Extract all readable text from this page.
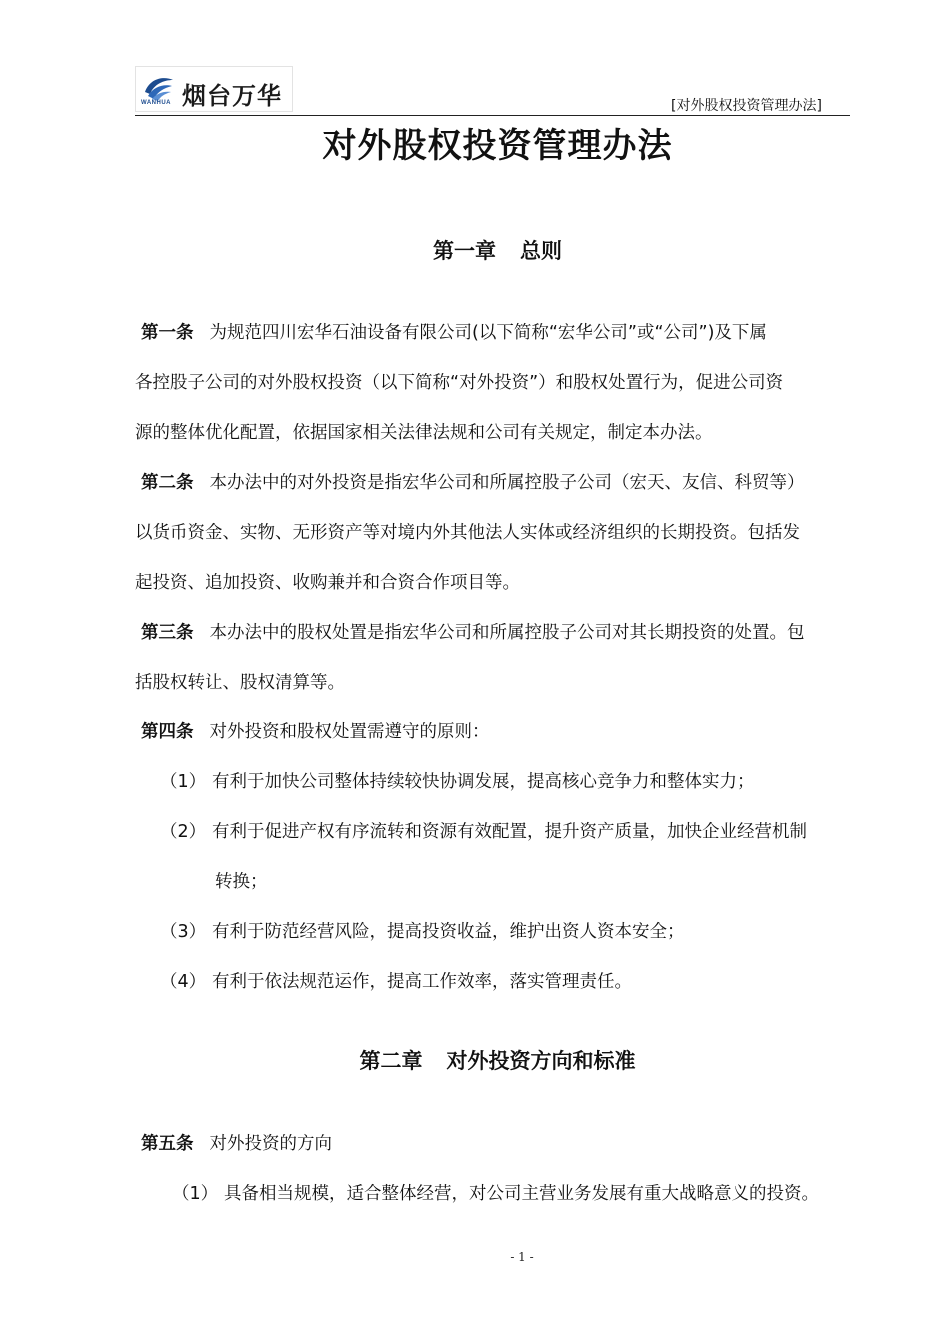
WANHUA 烟台万华	[对外股权投资管理办法]
对外股权投资管理办法
第一章 总则
第一条 为规范四川宏华石油设备有限公司(以下简称“宏华公司”或“公司”)及下属
各控股子公司的对外股权投资（以下简称“对外投资”）和股权处置行为，促进公司资
源的整体优化配置，依据国家相关法律法规和公司有关规定，制定本办法。
第二条 本办法中的对外投资是指宏华公司和所属控股子公司（宏天、友信、科贸等）
以货币资金、实物、无形资产等对境内外其他法人实体或经济组织的长期投资。包括发
起投资、追加投资、收购兼并和合资合作项目等。
第三条 本办法中的股权处置是指宏华公司和所属控股子公司对其长期投资的处置。包
括股权转让、股权清算等。
第四条 对外投资和股权处置需遵守的原则：
（1） 有利于加快公司整体持续较快协调发展，提高核心竞争力和整体实力；
（2） 有利于促进产权有序流转和资源有效配置，提升资产质量，加快企业经营机制
转换；
（3） 有利于防范经营风险，提高投资收益，维护出资人资本安全；
（4） 有利于依法规范运作，提高工作效率，落实管理责任。
第二章 对外投资方向和标准
第五条 对外投资的方向
（1） 具备相当规模，适合整体经营，对公司主营业务发展有重大战略意义的投资。
- 1 -
